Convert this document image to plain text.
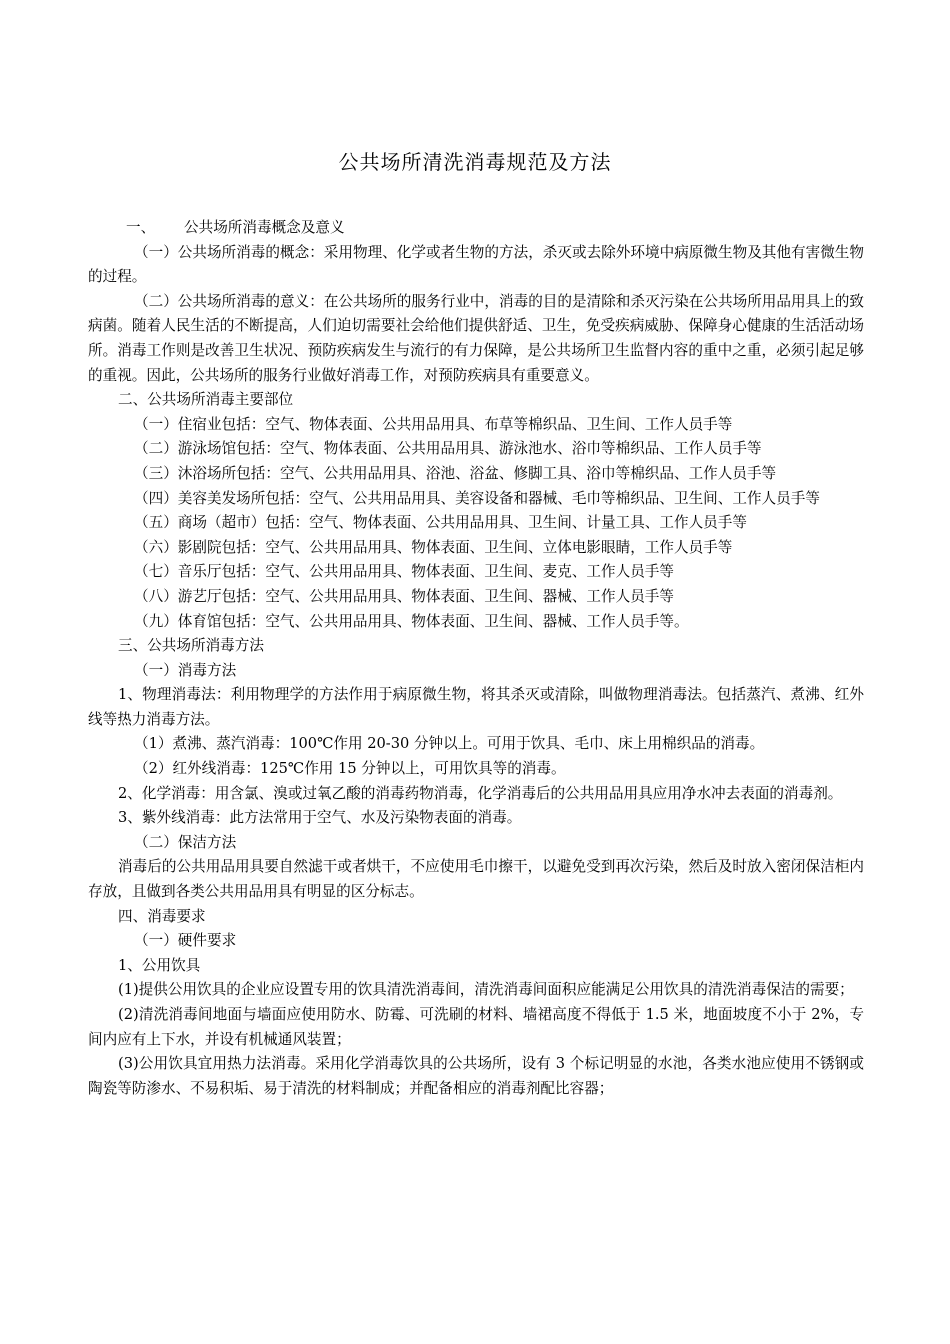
公共场所清洗消毒规范及方法

一、 公共场所消毒概念及意义

（一）公共场所消毒的概念：采用物理、化学或者生物的方法，杀灭或去除外环境中病原微生物及其他有害微生物的过程。

（二）公共场所消毒的意义：在公共场所的服务行业中，消毒的目的是清除和杀灭污染在公共场所用品用具上的致病菌。随着人民生活的不断提高，人们迫切需要社会给他们提供舒适、卫生，免受疾病威胁、保障身心健康的生活活动场所。消毒工作则是改善卫生状况、预防疾病发生与流行的有力保障，是公共场所卫生监督内容的重中之重，必须引起足够的重视。因此，公共场所的服务行业做好消毒工作，对预防疾病具有重要意义。

二、公共场所消毒主要部位

（一）住宿业包括：空气、物体表面、公共用品用具、布草等棉织品、卫生间、工作人员手等

（二）游泳场馆包括：空气、物体表面、公共用品用具、游泳池水、浴巾等棉织品、工作人员手等

（三）沐浴场所包括：空气、公共用品用具、浴池、浴盆、修脚工具、浴巾等棉织品、工作人员手等

（四）美容美发场所包括：空气、公共用品用具、美容设备和器械、毛巾等棉织品、卫生间、工作人员手等

（五）商场（超市）包括：空气、物体表面、公共用品用具、卫生间、计量工具、工作人员手等

（六）影剧院包括：空气、公共用品用具、物体表面、卫生间、立体电影眼睛，工作人员手等

（七）音乐厅包括：空气、公共用品用具、物体表面、卫生间、麦克、工作人员手等

（八）游艺厅包括：空气、公共用品用具、物体表面、卫生间、器械、工作人员手等

（九）体育馆包括：空气、公共用品用具、物体表面、卫生间、器械、工作人员手等。

三、公共场所消毒方法

（一）消毒方法

1、物理消毒法：利用物理学的方法作用于病原微生物，将其杀灭或清除，叫做物理消毒法。包括蒸汽、煮沸、红外线等热力消毒方法。

（1）煮沸、蒸汽消毒：100℃作用 20-30 分钟以上。可用于饮具、毛巾、床上用棉织品的消毒。

（2）红外线消毒：125℃作用 15 分钟以上，可用饮具等的消毒。

2、化学消毒：用含氯、溴或过氧乙酸的消毒药物消毒，化学消毒后的公共用品用具应用净水冲去表面的消毒剂。

3、紫外线消毒：此方法常用于空气、水及污染物表面的消毒。

（二）保洁方法

消毒后的公共用品用具要自然滤干或者烘干，不应使用毛巾擦干，以避免受到再次污染，然后及时放入密闭保洁柜内存放，且做到各类公共用品用具有明显的区分标志。

四、消毒要求

（一）硬件要求

1、公用饮具

(1)提供公用饮具的企业应设置专用的饮具清洗消毒间，清洗消毒间面积应能满足公用饮具的清洗消毒保洁的需要；

(2)清洗消毒间地面与墙面应使用防水、防霉、可洗刷的材料、墙裙高度不得低于 1.5 米，地面坡度不小于 2%，专间内应有上下水，并设有机械通风装置；

(3)公用饮具宜用热力法消毒。采用化学消毒饮具的公共场所，设有 3 个标记明显的水池，各类水池应使用不锈钢或陶瓷等防渗水、不易积垢、易于清洗的材料制成；并配备相应的消毒剂配比容器；
